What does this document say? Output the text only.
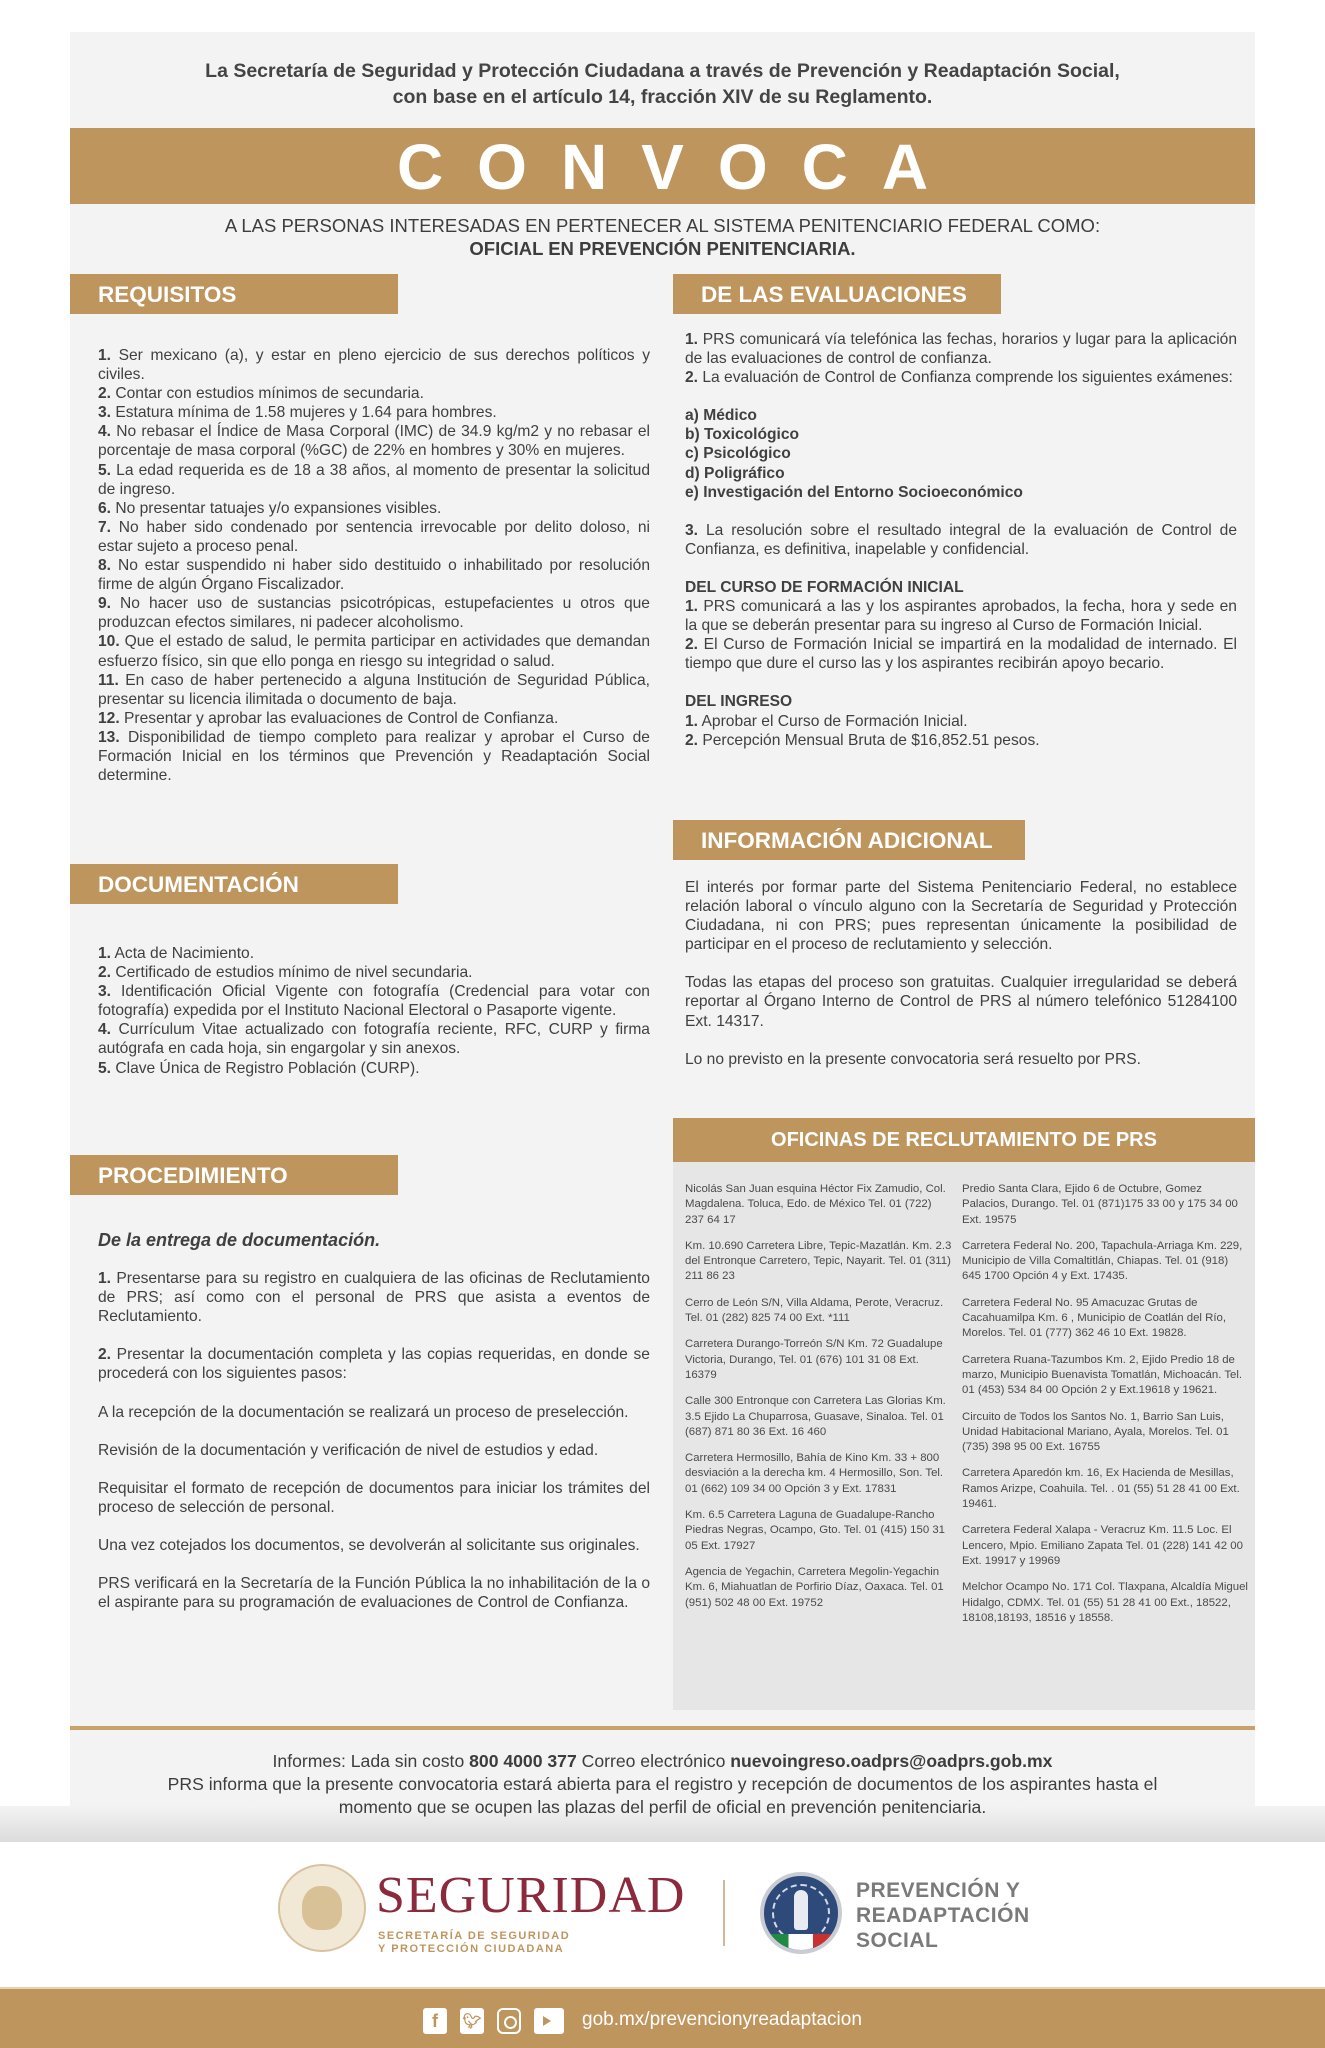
La Secretaría de Seguridad y Protección Ciudadana a través de Prevención y Readaptación Social,
con base en el artículo 14, fracción XIV de su Reglamento.
CONVOCA
A LAS PERSONAS INTERESADAS EN PERTENECER AL SISTEMA PENITENCIARIO FEDERAL COMO:
OFICIAL EN PREVENCIÓN PENITENCIARIA.
REQUISITOS

1. Ser mexicano (a), y estar en pleno ejercicio de sus derechos políticos y civiles.

2. Contar con estudios mínimos de secundaria.

3. Estatura mínima de 1.58 mujeres y 1.64 para hombres.

4. No rebasar el Índice de Masa Corporal (IMC) de 34.9 kg/m2 y no rebasar el porcentaje de masa corporal (%GC) de 22% en hombres y 30% en mujeres.

5. La edad requerida es de 18 a 38 años, al momento de presentar la solicitud de ingreso.

6. No presentar tatuajes y/o expansiones visibles.

7. No haber sido condenado por sentencia irrevocable por delito doloso, ni estar sujeto a proceso penal.

8. No estar suspendido ni haber sido destituido o inhabilitado por resolución firme de algún Órgano Fiscalizador.

9. No hacer uso de sustancias psicotrópicas, estupefacientes u otros que produzcan efectos similares, ni padecer alcoholismo.

10. Que el estado de salud, le permita participar en actividades que demandan esfuerzo físico, sin que ello ponga en riesgo su integridad o salud.

11. En caso de haber pertenecido a alguna Institución de Seguridad Pública, presentar su licencia ilimitada o documento de baja.

12. Presentar y aprobar las evaluaciones de Control de Confianza.

13. Disponibilidad de tiempo completo para realizar y aprobar el Curso de Formación Inicial en los términos que Prevención y Readaptación Social determine.

DOCUMENTACIÓN

1. Acta de Nacimiento.

2. Certificado de estudios mínimo de nivel secundaria.

3. Identificación Oficial Vigente con fotografía (Credencial para votar con fotografía) expedida por el Instituto Nacional Electoral o Pasaporte vigente.

4. Currículum Vitae actualizado con fotografía reciente, RFC, CURP y firma autógrafa en cada hoja, sin engargolar y sin anexos.

5. Clave Única de Registro Población (CURP).

PROCEDIMIENTO

De la entrega de documentación.

1. Presentarse para su registro en cualquiera de las oficinas de Reclutamiento de PRS; así como con el personal de PRS que asista a eventos de Reclutamiento.

2. Presentar la documentación completa y las copias requeridas, en donde se procederá con los siguientes pasos:

A la recepción de la documentación se realizará un proceso de preselección.

Revisión de la documentación y verificación de nivel de estudios y edad.

Requisitar el formato de recepción de documentos para iniciar los trámites del proceso de selección de personal.

Una vez cotejados los documentos, se devolverán al solicitante sus originales.

PRS verificará en la Secretaría de la Función Pública la no inhabilitación de la o el aspirante para su programación de evaluaciones de Control de Confianza.

DE LAS EVALUACIONES

1. PRS comunicará vía telefónica las fechas, horarios y lugar para la aplicación de las evaluaciones de control de confianza.

2. La evaluación de Control de Confianza comprende los siguientes exámenes:

a) Médico

b) Toxicológico

c) Psicológico

d) Poligráfico

e) Investigación del Entorno Socioeconómico

3. La resolución sobre el resultado integral de la evaluación de Control de Confianza, es definitiva, inapelable y confidencial.

DEL CURSO DE FORMACIÓN INICIAL

1. PRS comunicará a las y los aspirantes aprobados, la fecha, hora y sede en la que se deberán presentar para su ingreso al Curso de Formación Inicial.

2. El Curso de Formación Inicial se impartirá en la modalidad de internado. El tiempo que dure el curso las y los aspirantes recibirán apoyo becario.

DEL INGRESO

1. Aprobar el Curso de Formación Inicial.

2. Percepción Mensual Bruta de $16,852.51 pesos.

INFORMACIÓN ADICIONAL

El interés por formar parte del Sistema Penitenciario Federal, no establece relación laboral o vínculo alguno con la Secretaría de Seguridad y Protección Ciudadana, ni con PRS; pues representan únicamente la posibilidad de participar en el proceso de reclutamiento y selección.

Todas las etapas del proceso son gratuitas. Cualquier irregularidad se deberá reportar al Órgano Interno de Control de PRS al número telefónico 51284100 Ext. 14317.

Lo no previsto en la presente convocatoria será resuelto por PRS.

OFICINAS DE RECLUTAMIENTO DE PRS
Nicolás San Juan esquina Héctor Fix Zamudio, Col. Magdalena. Toluca, Edo. de México Tel. 01 (722) 237 64 17
Km. 10.690 Carretera Libre, Tepic-Mazatlán. Km. 2.3 del Entronque Carretero, Tepic, Nayarit. Tel. 01 (311) 211 86 23
Cerro de León S/N, Villa Aldama, Perote, Veracruz. Tel. 01 (282) 825 74 00 Ext. *111
Carretera Durango-Torreón S/N Km. 72 Guadalupe Victoria, Durango, Tel. 01 (676) 101 31 08 Ext. 16379
Calle 300 Entronque con Carretera Las Glorias Km. 3.5 Ejido La Chuparrosa, Guasave, Sinaloa. Tel. 01 (687) 871 80 36 Ext. 16 460
Carretera Hermosillo, Bahía de Kino Km. 33 + 800 desviación a la derecha km. 4 Hermosillo, Son. Tel. 01 (662) 109 34 00 Opción 3 y Ext. 17831
Km. 6.5 Carretera Laguna de Guadalupe-Rancho Piedras Negras, Ocampo, Gto. Tel. 01 (415) 150 31 05 Ext. 17927
Agencia de Yegachin, Carretera Megolin-Yegachin Km. 6, Miahuatlan de Porfirio Díaz, Oaxaca. Tel. 01 (951) 502 48 00 Ext. 19752
Predio Santa Clara, Ejido 6 de Octubre, Gomez Palacios, Durango. Tel. 01 (871)175 33 00 y 175 34 00 Ext. 19575
Carretera Federal No. 200, Tapachula-Arriaga Km. 229, Municipio de Villa Comaltitlán, Chiapas. Tel. 01 (918) 645 1700 Opción 4 y Ext. 17435.
Carretera Federal No. 95 Amacuzac Grutas de Cacahuamilpa Km. 6 , Municipio de Coatlán del Río, Morelos. Tel. 01 (777) 362 46 10 Ext. 19828.
Carretera Ruana-Tazumbos Km. 2, Ejido Predio 18 de marzo, Municipio Buenavista Tomatlán, Michoacán. Tel. 01 (453) 534 84 00 Opción 2 y Ext.19618 y 19621.
Circuito de Todos los Santos No. 1, Barrio San Luis, Unidad Habitacional Mariano, Ayala, Morelos. Tel. 01 (735) 398 95 00 Ext. 16755
Carretera Aparedón km. 16, Ex Hacienda de Mesillas, Ramos Arizpe, Coahuila. Tel. . 01 (55) 51 28 41 00 Ext. 19461.
Carretera Federal Xalapa - Veracruz Km. 11.5 Loc. El Lencero, Mpio. Emiliano Zapata Tel. 01 (228) 141 42 00 Ext. 19917 y 19969
Melchor Ocampo No. 171 Col. Tlaxpana, Alcaldía Miguel Hidalgo, CDMX. Tel. 01 (55) 51 28 41 00 Ext., 18522, 18108,18193, 18516 y 18558.
Informes: Lada sin costo 800 4000 377 Correo electrónico nuevoingreso.oadprs@oadprs.gob.mx
PRS informa que la presente convocatoria estará abierta para el registro y recepción de documentos de los aspirantes hasta el
momento que se ocupen las plazas del perfil de oficial en prevención penitenciaria.
SEGURIDAD
SECRETARÍA DE SEGURIDAD
Y PROTECCIÓN CIUDADANA
PREVENCIÓN Y
READAPTACIÓN
SOCIAL
f	🐦︎	gob.mx/prevencionyreadaptacion
